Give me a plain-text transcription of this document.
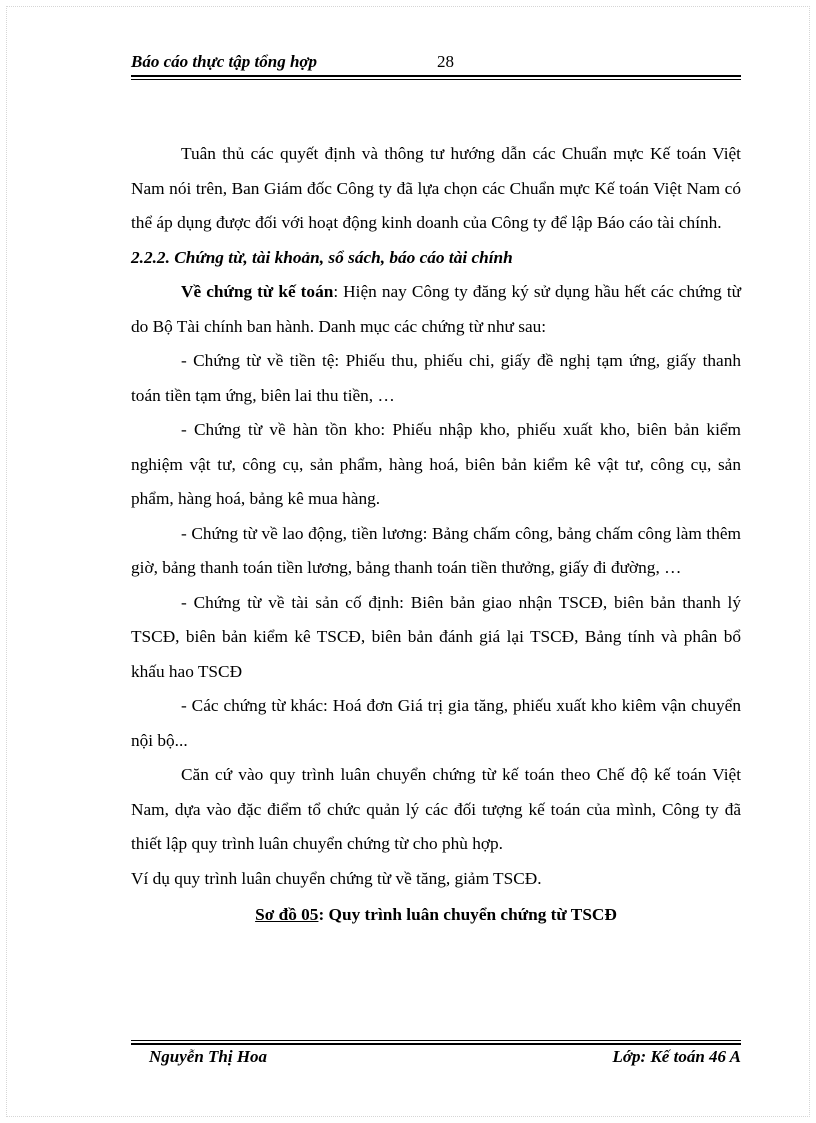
Báo cáo thực tập tổng hợp	28

Tuân thủ các quyết định và thông tư hướng dẫn các Chuẩn mực Kế toán Việt Nam nói trên, Ban Giám đốc Công ty đã lựa chọn các Chuẩn mực Kế toán Việt Nam có thể áp dụng được đối với hoạt động kinh doanh của Công ty để lập Báo cáo tài chính.

2.2.2. Chứng từ, tài khoản, sổ sách, báo cáo tài chính

Về chứng từ kế toán: Hiện nay Công ty đăng ký sử dụng hầu hết các chứng từ do Bộ Tài chính ban hành. Danh mục các chứng từ như sau:

- Chứng từ về tiền tệ: Phiếu thu, phiếu chi, giấy đề nghị tạm ứng, giấy thanh toán tiền tạm ứng, biên lai thu tiền, …

- Chứng từ về hàn tồn kho: Phiếu nhập kho, phiếu xuất kho, biên bản kiểm nghiệm vật tư, công cụ, sản phẩm, hàng hoá, biên bản kiểm kê vật tư, công cụ, sản phẩm, hàng hoá, bảng kê mua hàng.

- Chứng từ về lao động, tiền lương: Bảng chấm công, bảng chấm công làm thêm giờ, bảng thanh toán tiền lương, bảng thanh toán tiền thưởng, giấy đi đường, …

- Chứng từ về tài sản cố định: Biên bản giao nhận TSCĐ, biên bản thanh lý TSCĐ, biên bản kiểm kê TSCĐ, biên bản đánh giá lại TSCĐ, Bảng tính và phân bổ khấu hao TSCĐ

- Các chứng từ khác: Hoá đơn Giá trị gia tăng, phiếu xuất kho kiêm vận chuyển nội bộ...

Căn cứ vào quy trình luân chuyển chứng từ kế toán theo Chế độ kế toán Việt Nam, dựa vào đặc điểm tổ chức quản lý các đối tượng kế toán của mình, Công ty đã thiết lập quy trình luân chuyển chứng từ cho phù hợp.

Ví dụ quy trình luân chuyển chứng từ về tăng, giảm TSCĐ.

Sơ đồ 05: Quy trình luân chuyển chứng từ TSCĐ

Nguyễn Thị Hoa	Lớp: Kế toán 46 A
